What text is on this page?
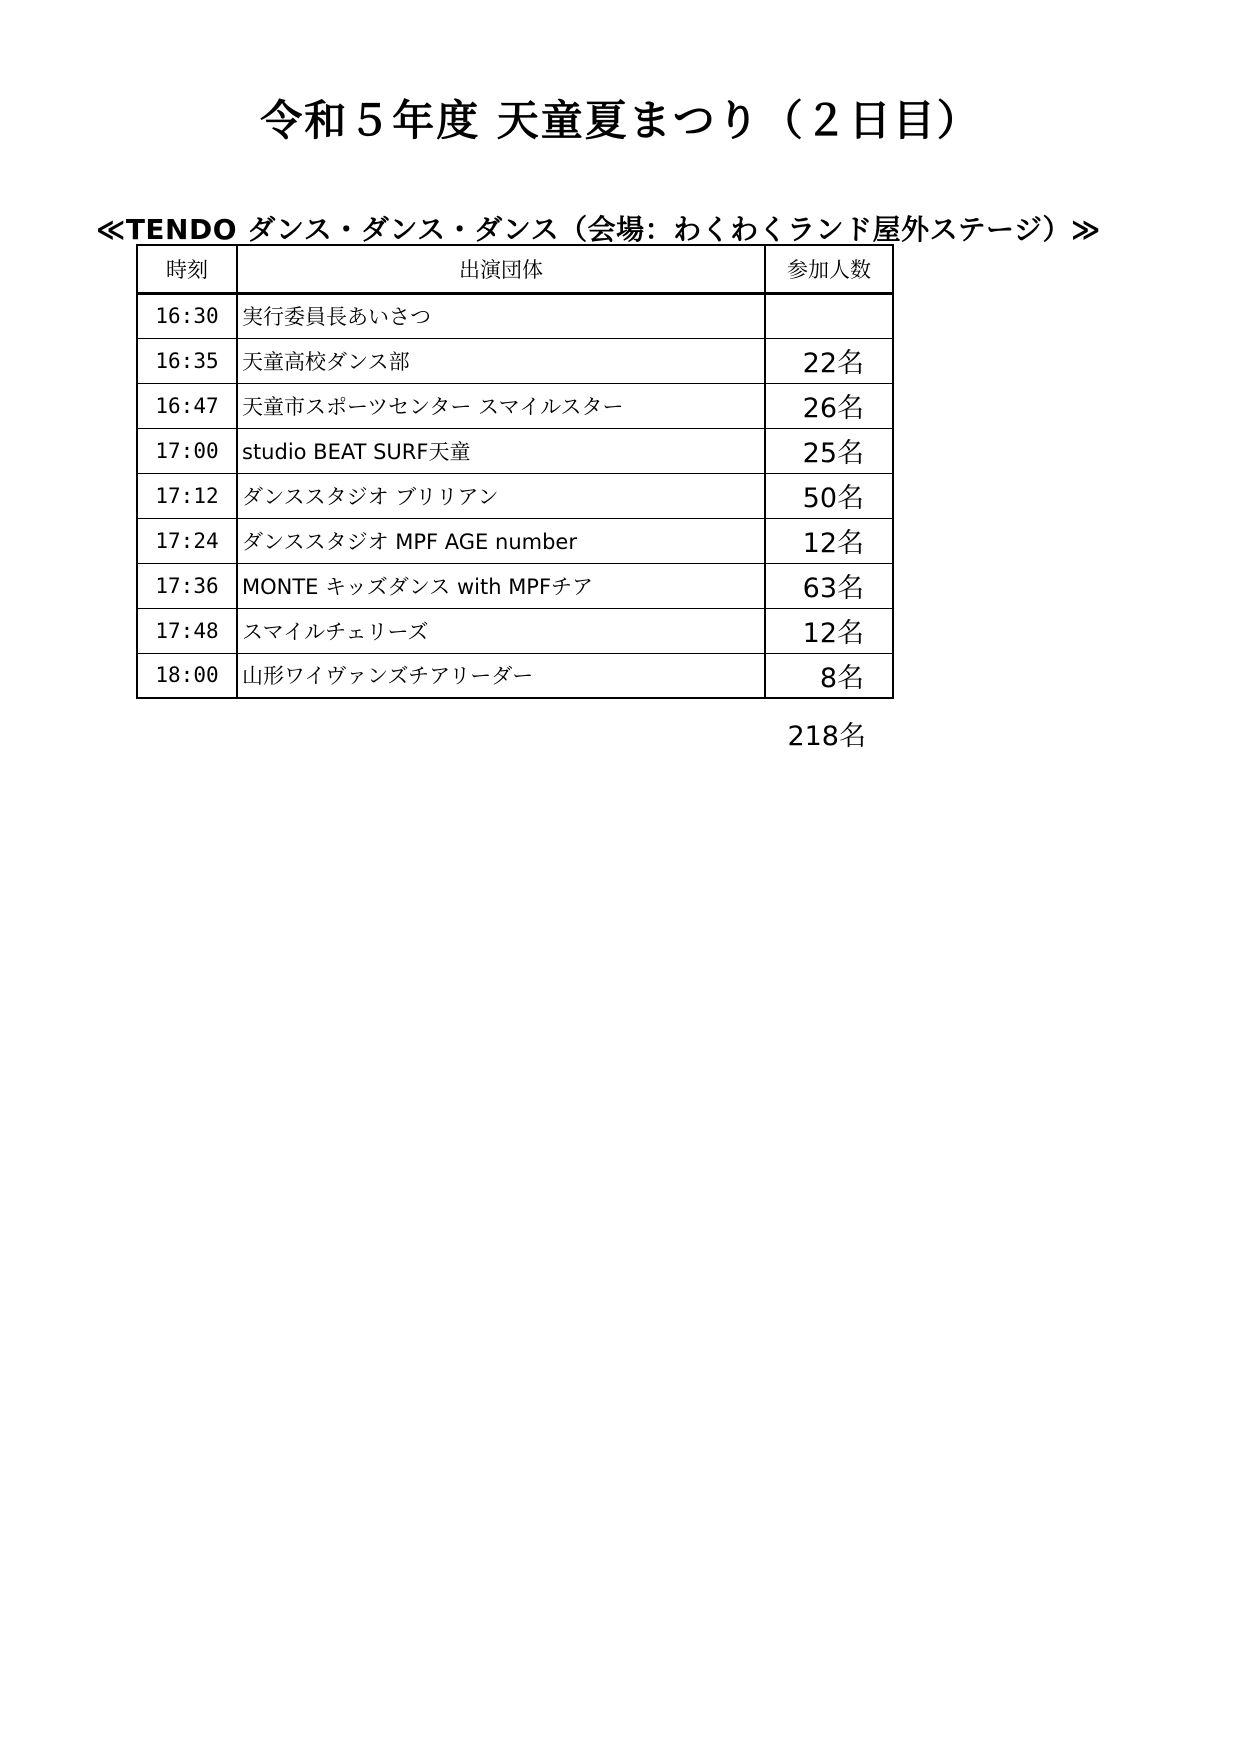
令和５年度 天童夏まつり（２日目）
≪TENDO ダンス・ダンス・ダンス（会場：わくわくランド屋外ステージ）≫
時刻	出演団体	参加人数
16:30	実行委員長あいさつ	
16:35	天童高校ダンス部	22名
16:47	天童市スポーツセンター スマイルスター	26名
17:00	studio BEAT SURF天童	25名
17:12	ダンススタジオ ブリリアン	50名
17:24	ダンススタジオ MPF AGE number	12名
17:36	MONTE キッズダンス with MPFチア	63名
17:48	スマイルチェリーズ	12名
18:00	山形ワイヴァンズチアリーダー	8名
218名
